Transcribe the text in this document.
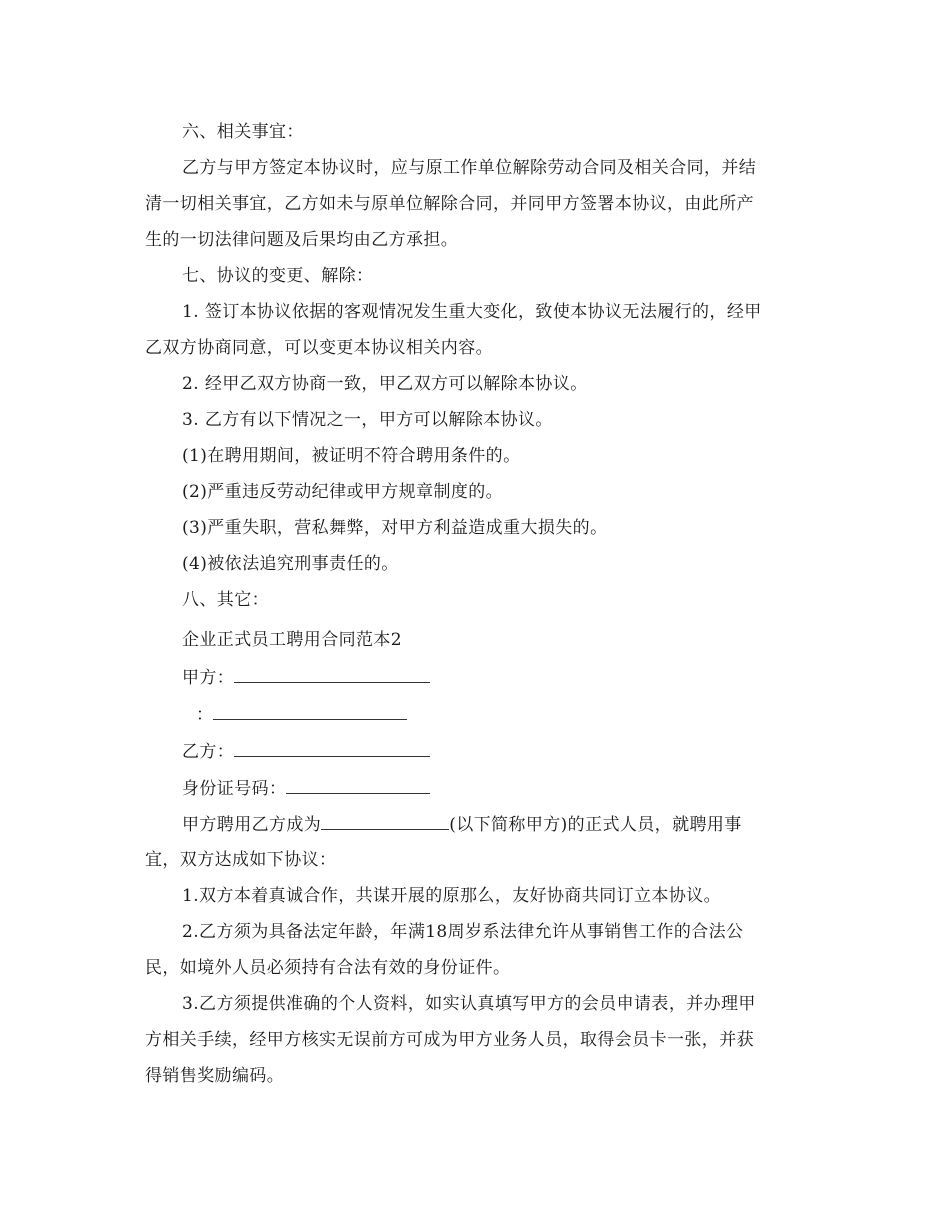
六、相关事宜：
乙方与甲方签定本协议时，应与原工作单位解除劳动合同及相关合同，并结
清一切相关事宜，乙方如未与原单位解除合同，并同甲方签署本协议，由此所产
生的一切法律问题及后果均由乙方承担。
七、协议的变更、解除：
1. 签订本协议依据的客观情况发生重大变化，致使本协议无法履行的，经甲
乙双方协商同意，可以变更本协议相关内容。
2. 经甲乙双方协商一致，甲乙双方可以解除本协议。
3. 乙方有以下情况之一，甲方可以解除本协议。
(1)在聘用期间，被证明不符合聘用条件的。
(2)严重违反劳动纪律或甲方规章制度的。
(3)严重失职，营私舞弊，对甲方利益造成重大损失的。
(4)被依法追究刑事责任的。
八、其它：
企业正式员工聘用合同范本2
甲方：
：
乙方：
身份证号码：
甲方聘用乙方成为	(以下简称甲方)的正式人员，就聘用事
宜，双方达成如下协议：
1.双方本着真诚合作，共谋开展的原那么，友好协商共同订立本协议。
2.乙方须为具备法定年龄，年满18周岁系法律允许从事销售工作的合法公
民，如境外人员必须持有合法有效的身份证件。
3.乙方须提供准确的个人资料，如实认真填写甲方的会员申请表，并办理甲
方相关手续，经甲方核实无误前方可成为甲方业务人员，取得会员卡一张，并获
得销售奖励编码。
